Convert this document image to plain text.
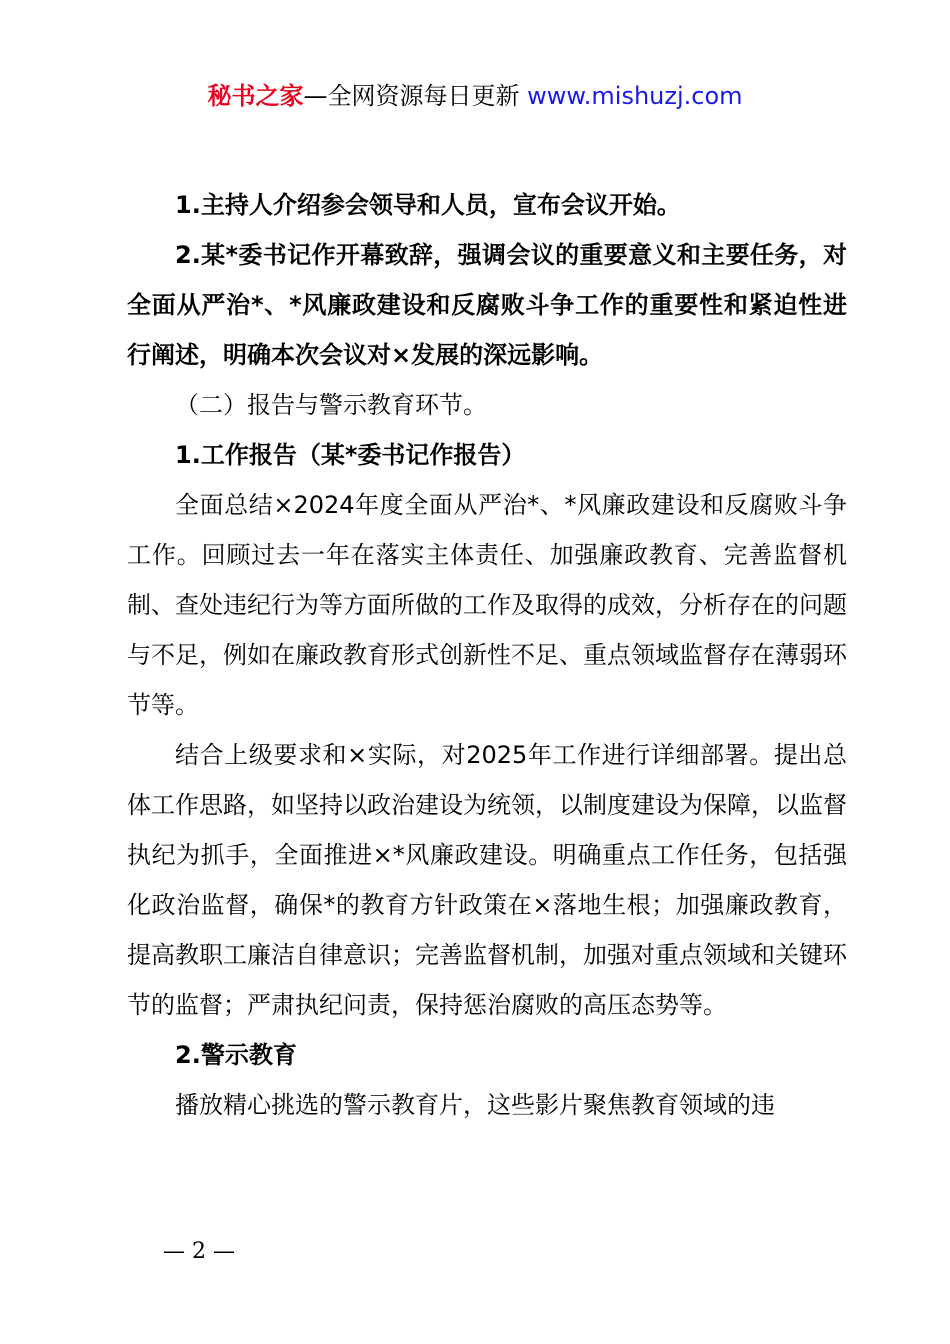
秘书之家—全网资源每日更新 www.mishuzj.com

1.主持人介绍参会领导和人员，宣布会议开始。

2.某*委书记作开幕致辞，强调会议的重要意义和主要任务，对全面从严治*、*风廉政建设和反腐败斗争工作的重要性和紧迫性进行阐述，明确本次会议对×发展的深远影响。

（二）报告与警示教育环节。

1.工作报告（某*委书记作报告）

全面总结×2024年度全面从严治*、*风廉政建设和反腐败斗争工作。回顾过去一年在落实主体责任、加强廉政教育、完善监督机制、查处违纪行为等方面所做的工作及取得的成效，分析存在的问题与不足，例如在廉政教育形式创新性不足、重点领域监督存在薄弱环节等。

结合上级要求和×实际，对2025年工作进行详细部署。提出总体工作思路，如坚持以政治建设为统领，以制度建设为保障，以监督执纪为抓手，全面推进×*风廉政建设。明确重点工作任务，包括强化政治监督，确保*的教育方针政策在×落地生根；加强廉政教育，提高教职工廉洁自律意识；完善监督机制，加强对重点领域和关键环节的监督；严肃执纪问责，保持惩治腐败的高压态势等。

2.警示教育

播放精心挑选的警示教育片，这些影片聚焦教育领域的违

— 2 —
